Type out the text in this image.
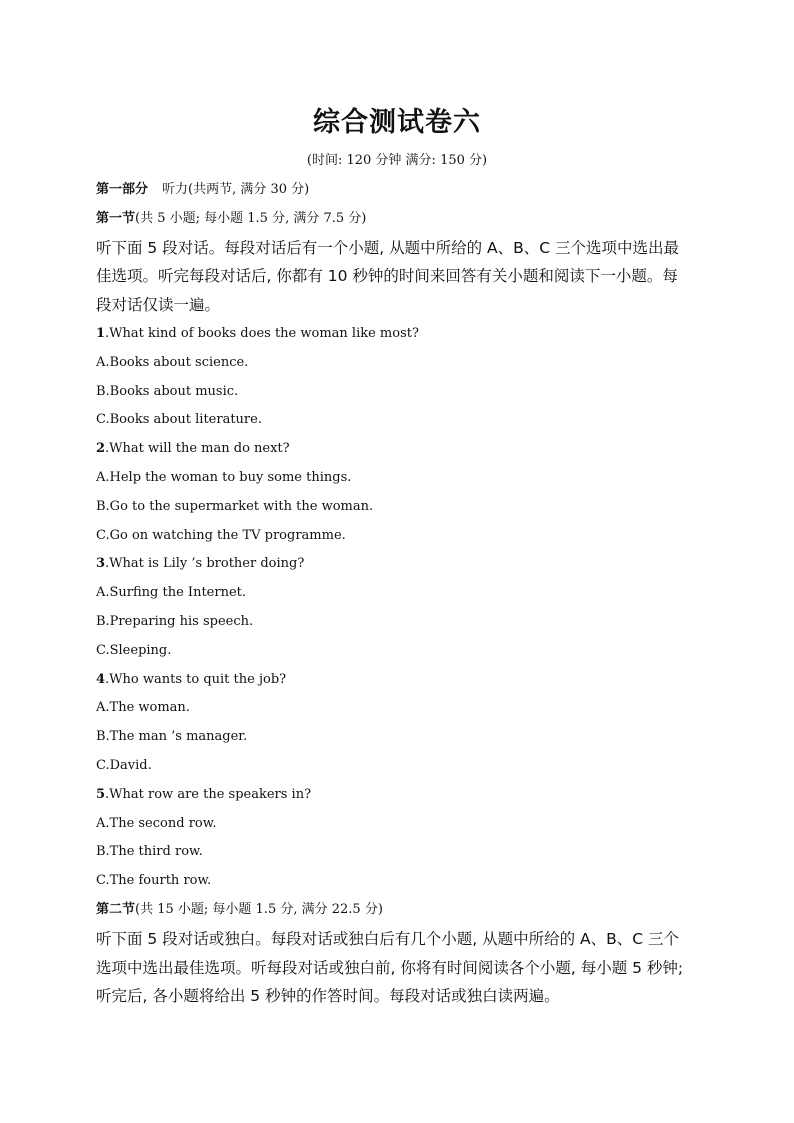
综合测试卷六
(时间: 120 分钟 满分: 150 分)
第一部分 听力(共两节, 满分 30 分)
第一节(共 5 小题; 每小题 1.5 分, 满分 7.5 分)
听下面 5 段对话。每段对话后有一个小题, 从题中所给的 A、B、C 三个选项中选出最
佳选项。听完每段对话后, 你都有 10 秒钟的时间来回答有关小题和阅读下一小题。每
段对话仅读一遍。
1.What kind of books does the woman like most?
A.Books about science.
B.Books about music.
C.Books about literature.
2.What will the man do next?
A.Help the woman to buy some things.
B.Go to the supermarket with the woman.
C.Go on watching the TV programme.
3.What is Lily ’s brother doing?
A.Surfing the Internet.
B.Preparing his speech.
C.Sleeping.
4.Who wants to quit the job?
A.The woman.
B.The man ’s manager.
C.David.
5.What row are the speakers in?
A.The second row.
B.The third row.
C.The fourth row.
第二节(共 15 小题; 每小题 1.5 分, 满分 22.5 分)
听下面 5 段对话或独白。每段对话或独白后有几个小题, 从题中所给的 A、B、C 三个
选项中选出最佳选项。听每段对话或独白前, 你将有时间阅读各个小题, 每小题 5 秒钟;
听完后, 各小题将给出 5 秒钟的作答时间。每段对话或独白读两遍。
